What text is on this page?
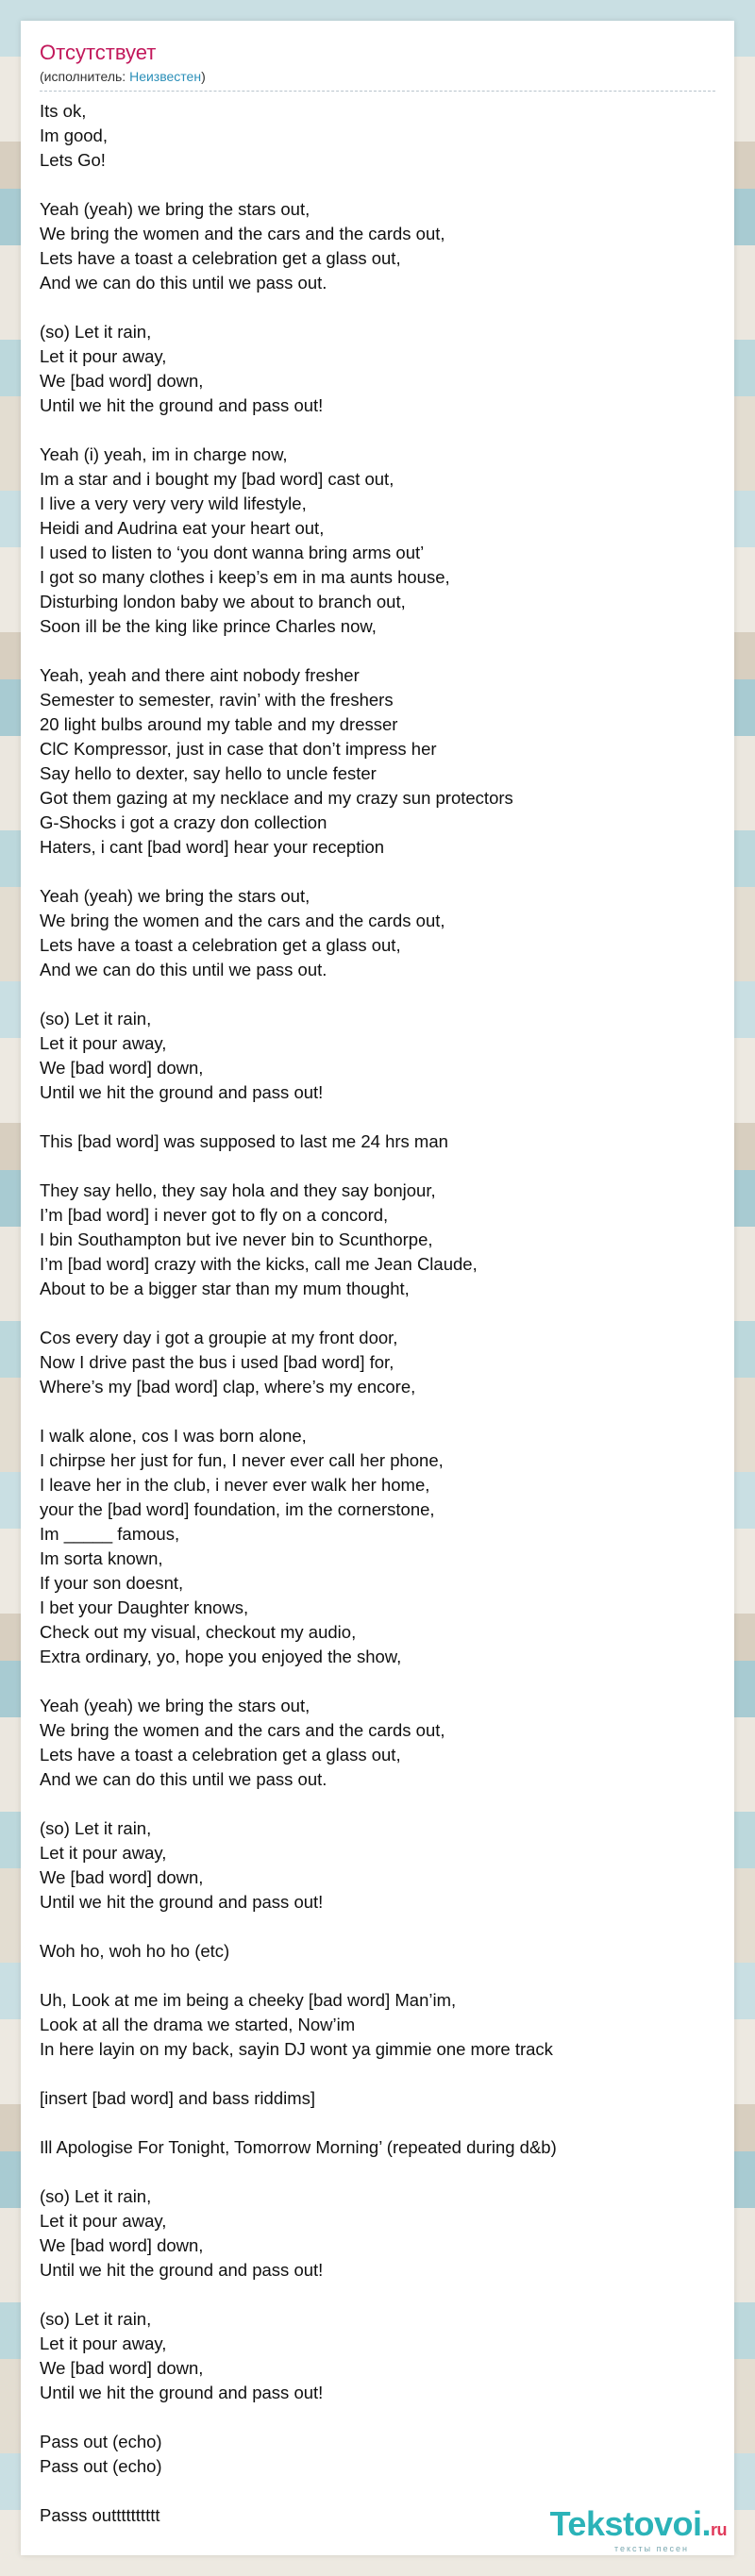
Отсутствует
(исполнитель: Неизвестен)
Its ok,
Im good,
Lets Go!

Yeah (yeah) we bring the stars out,
We bring the women and the cars and the cards out,
Lets have a toast a celebration get a glass out,
And we can do this until we pass out.

(so) Let it rain,
Let it pour away,
We [bad word] down,
Until we hit the ground and pass out!

Yeah (i) yeah, im in charge now,
Im a star and i bought my [bad word] cast out,
I live a very very very wild lifestyle,
Heidi and Audrina eat your heart out,
I used to listen to ‘you dont wanna bring arms out’
I got so many clothes i keep’s em in ma aunts house,
Disturbing london baby we about to branch out,
Soon ill be the king like prince Charles now,

Yeah, yeah and there aint nobody fresher
Semester to semester, ravin’ with the freshers
20 light bulbs around my table and my dresser
ClC Kompressor, just in case that don’t impress her
Say hello to dexter, say hello to uncle fester
Got them gazing at my necklace and my crazy sun protectors
G-Shocks i got a crazy don collection
Haters, i cant [bad word] hear your reception

Yeah (yeah) we bring the stars out,
We bring the women and the cars and the cards out,
Lets have a toast a celebration get a glass out,
And we can do this until we pass out.

(so) Let it rain,
Let it pour away,
We [bad word] down,
Until we hit the ground and pass out!

This [bad word] was supposed to last me 24 hrs man

They say hello, they say hola and they say bonjour,
I’m [bad word] i never got to fly on a concord,
I bin Southampton but ive never bin to Scunthorpe,
I’m [bad word] crazy with the kicks, call me Jean Claude,
About to be a bigger star than my mum thought,

Cos every day i got a groupie at my front door,
Now I drive past the bus i used [bad word] for,
Where’s my [bad word] clap, where’s my encore,

I walk alone, cos I was born alone,
I chirpse her just for fun, I never ever call her phone,
I leave her in the club, i never ever walk her home,
your the [bad word] foundation, im the cornerstone,
Im _____ famous,
Im sorta known,
If your son doesnt,
I bet your Daughter knows,
Check out my visual, checkout my audio,
Extra ordinary, yo, hope you enjoyed the show,

Yeah (yeah) we bring the stars out,
We bring the women and the cars and the cards out,
Lets have a toast a celebration get a glass out,
And we can do this until we pass out.

(so) Let it rain,
Let it pour away,
We [bad word] down,
Until we hit the ground and pass out!

Woh ho, woh ho ho (etc)

Uh, Look at me im being a cheeky [bad word] Man’im,
Look at all the drama we started, Now’im
In here layin on my back, sayin DJ wont ya gimmie one more track

[insert [bad word] and bass riddims]

Ill Apologise For Tonight, Tomorrow Morning’ (repeated during d&b)

(so) Let it rain,
Let it pour away,
We [bad word] down,
Until we hit the ground and pass out!

(so) Let it rain,
Let it pour away,
We [bad word] down,
Until we hit the ground and pass out!

Pass out (echo)
Pass out (echo)

Passs outttttttttt	Tekstovoi.ru
тексты песен
